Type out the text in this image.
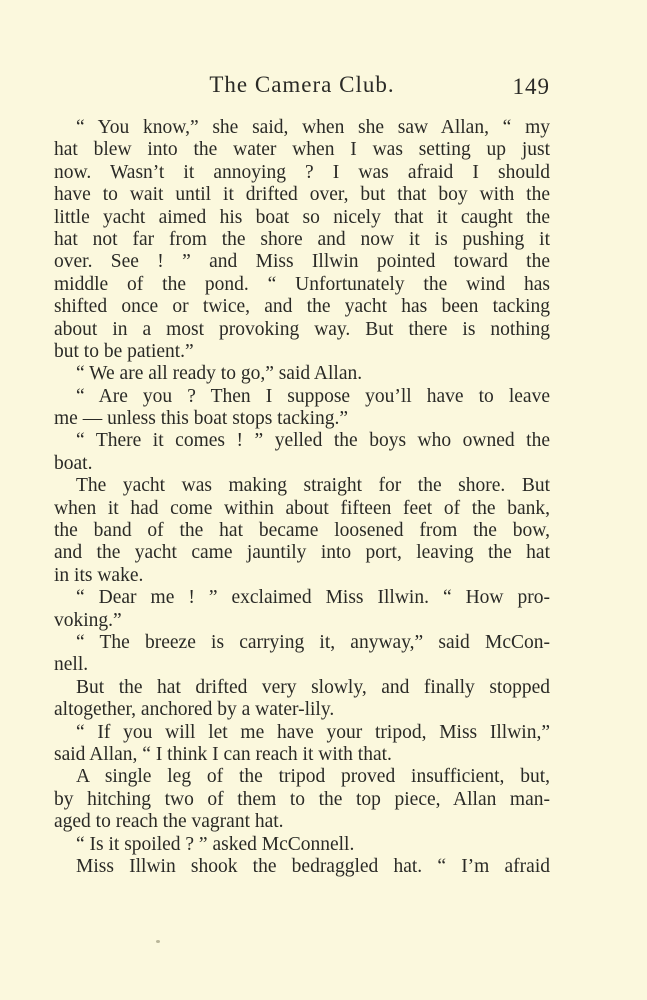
The Camera Club.	149
“ You know,” she said, when she saw Allan, “ my
hat blew into the water when I was setting up just
now. Wasn’t it annoying ? I was afraid I should
have to wait until it drifted over, but that boy with the
little yacht aimed his boat so nicely that it caught the
hat not far from the shore and now it is pushing it
over. See ! ” and Miss Illwin pointed toward the
middle of the pond. “ Unfortunately the wind has
shifted once or twice, and the yacht has been tacking
about in a most provoking way. But there is nothing
but to be patient.”
“ We are all ready to go,” said Allan.
“ Are you ? Then I suppose you’ll have to leave
me — unless this boat stops tacking.”
“ There it comes ! ” yelled the boys who owned the
boat.
The yacht was making straight for the shore. But
when it had come within about fifteen feet of the bank,
the band of the hat became loosened from the bow,
and the yacht came jauntily into port, leaving the hat
in its wake.
“ Dear me ! ” exclaimed Miss Illwin. “ How pro-
voking.”
“ The breeze is carrying it, anyway,” said McCon-
nell.
But the hat drifted very slowly, and finally stopped
altogether, anchored by a water-lily.
“ If you will let me have your tripod, Miss Illwin,”
said Allan, “ I think I can reach it with that.
A single leg of the tripod proved insufficient, but,
by hitching two of them to the top piece, Allan man-
aged to reach the vagrant hat.
“ Is it spoiled ? ” asked McConnell.
Miss Illwin shook the bedraggled hat. “ I’m afraid
